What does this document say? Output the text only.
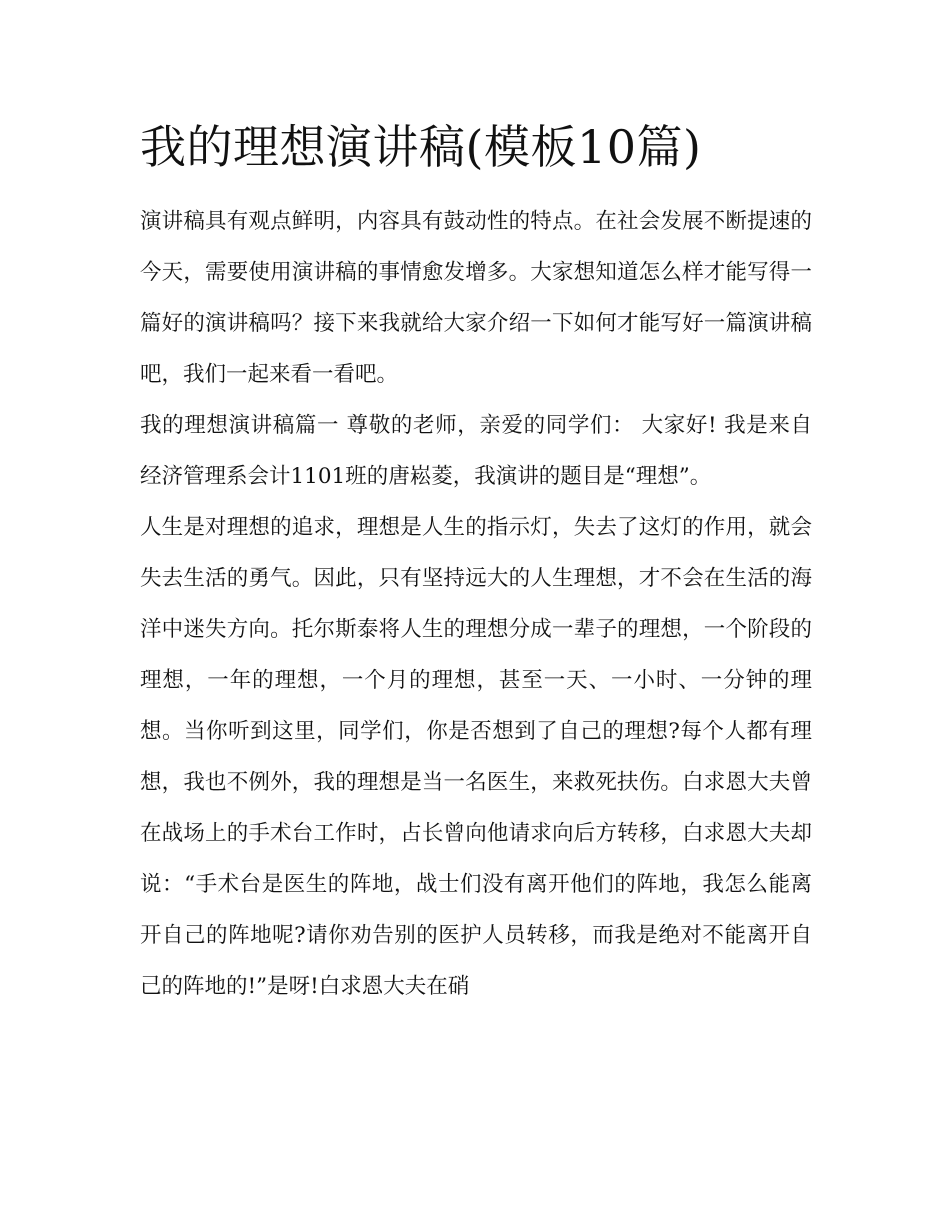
我的理想演讲稿(模板10篇)

演讲稿具有观点鲜明，内容具有鼓动性的特点。在社会发展不断提速的今天，需要使用演讲稿的事情愈发增多。大家想知道怎么样才能写得一篇好的演讲稿吗？接下来我就给大家介绍一下如何才能写好一篇演讲稿吧，我们一起来看一看吧。

我的理想演讲稿篇一 尊敬的老师，亲爱的同学们： 大家好! 我是来自经济管理系会计1101班的唐崧菱，我演讲的题目是“理想”。

人生是对理想的追求，理想是人生的指示灯，失去了这灯的作用，就会失去生活的勇气。因此，只有坚持远大的人生理想，才不会在生活的海洋中迷失方向。托尔斯泰将人生的理想分成一辈子的理想，一个阶段的理想，一年的理想，一个月的理想，甚至一天、一小时、一分钟的理想。当你听到这里，同学们，你是否想到了自己的理想?每个人都有理想，我也不例外，我的理想是当一名医生，来救死扶伤。白求恩大夫曾在战场上的手术台工作时，占长曾向他请求向后方转移，白求恩大夫却说：“手术台是医生的阵地，战士们没有离开他们的阵地，我怎么能离开自己的阵地呢?请你劝告别的医护人员转移，而我是绝对不能离开自己的阵地的!”是呀!白求恩大夫在硝
